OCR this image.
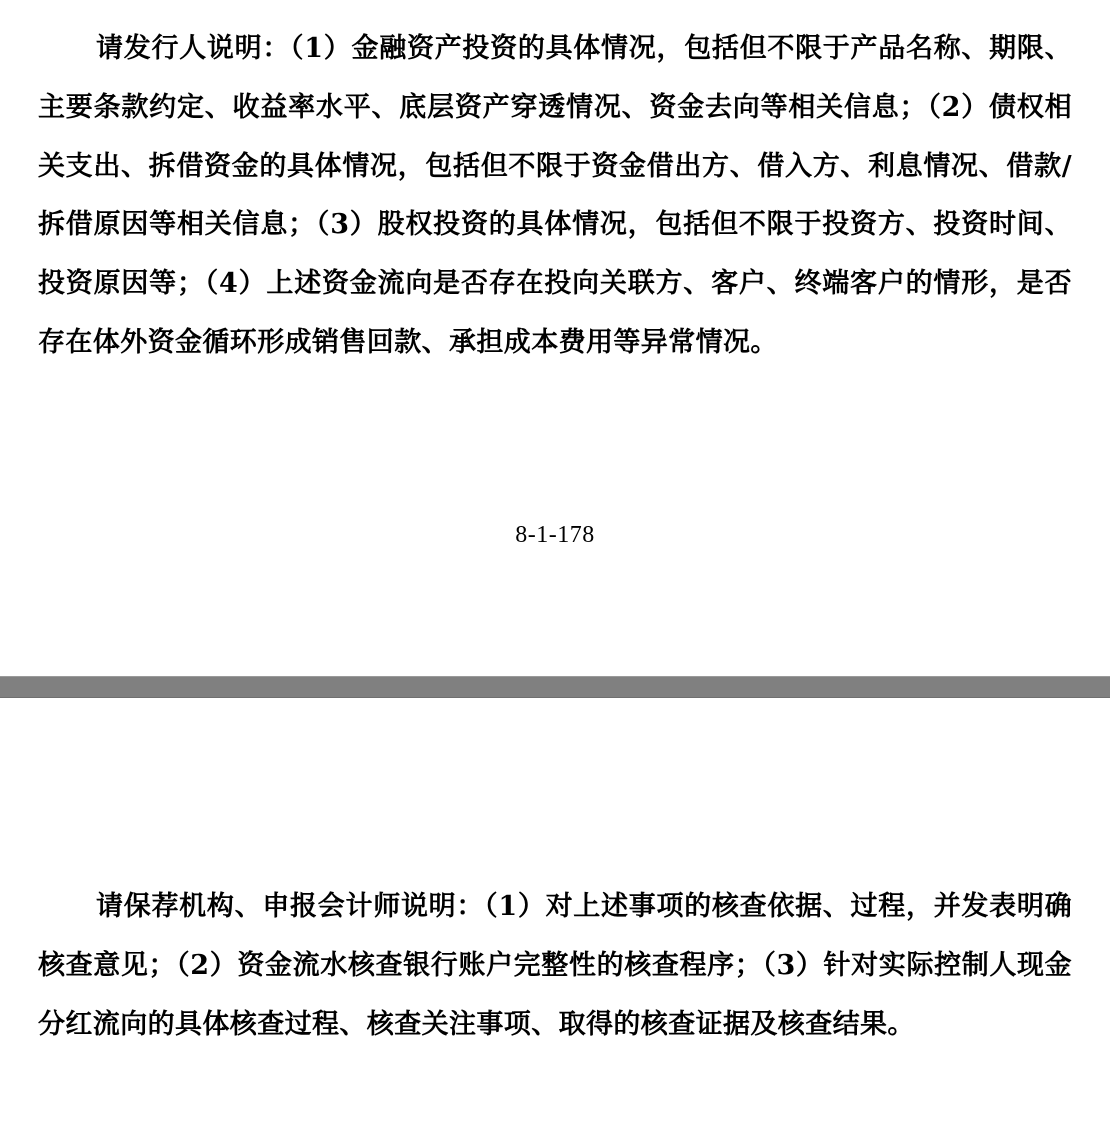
请发行人说明：（1）金融资产投资的具体情况，包括但不限于产品名称、期限、主要条款约定、收益率水平、底层资产穿透情况、资金去向等相关信息；（2）债权相关支出、拆借资金的具体情况，包括但不限于资金借出方、借入方、利息情况、借款/拆借原因等相关信息；（3）股权投资的具体情况，包括但不限于投资方、投资时间、投资原因等；（4）上述资金流向是否存在投向关联方、客户、终端客户的情形，是否存在体外资金循环形成销售回款、承担成本费用等异常情况。

8-1-178

请保荐机构、申报会计师说明：（1）对上述事项的核查依据、过程，并发表明确核查意见；（2）资金流水核查银行账户完整性的核查程序；（3）针对实际控制人现金分红流向的具体核查过程、核查关注事项、取得的核查证据及核查结果。
